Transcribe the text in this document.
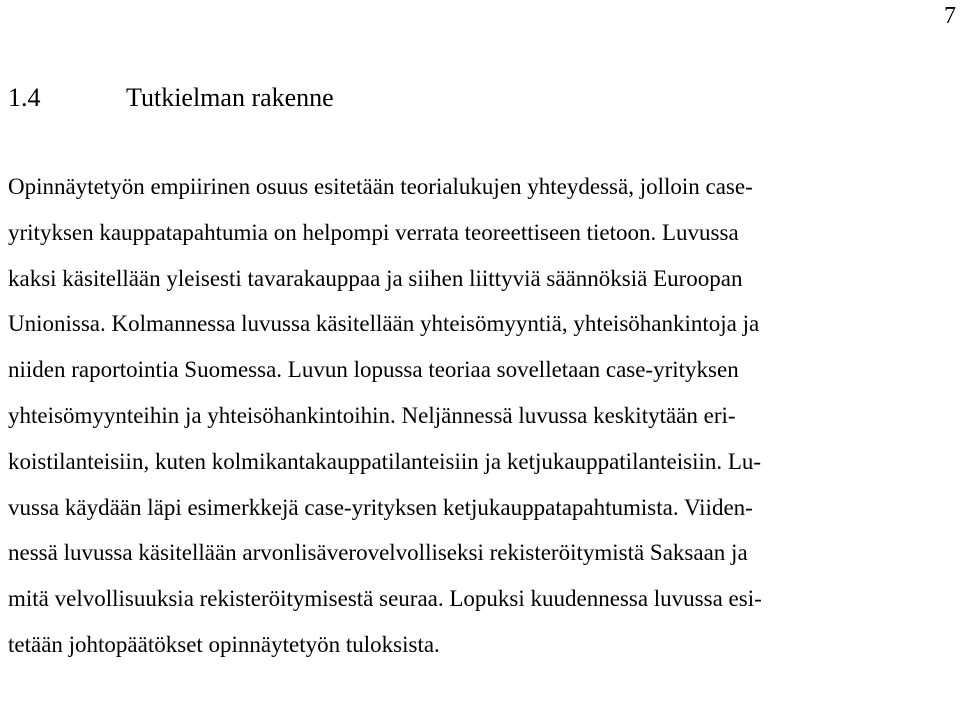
7
1.4	Tutkielman rakenne
Opinnäytetyön empiirinen osuus esitetään teorialukujen yhteydessä, jolloin case-
yrityksen kauppatapahtumia on helpompi verrata teoreettiseen tietoon. Luvussa
kaksi käsitellään yleisesti tavarakauppaa ja siihen liittyviä säännöksiä Euroopan
Unionissa. Kolmannessa luvussa käsitellään yhteisömyyntiä, yhteisöhankintoja ja
niiden raportointia Suomessa. Luvun lopussa teoriaa sovelletaan case-yrityksen
yhteisömyynteihin ja yhteisöhankintoihin. Neljännessä luvussa keskitytään eri-
koistilanteisiin, kuten kolmikantakauppatilanteisiin ja ketjukauppatilanteisiin. Lu-
vussa käydään läpi esimerkkejä case-yrityksen ketjukauppatapahtumista. Viiden-
nessä luvussa käsitellään arvonlisäverovelvolliseksi rekisteröitymistä Saksaan ja
mitä velvollisuuksia rekisteröitymisestä seuraa. Lopuksi kuudennessa luvussa esi-
tetään johtopäätökset opinnäytetyön tuloksista.
